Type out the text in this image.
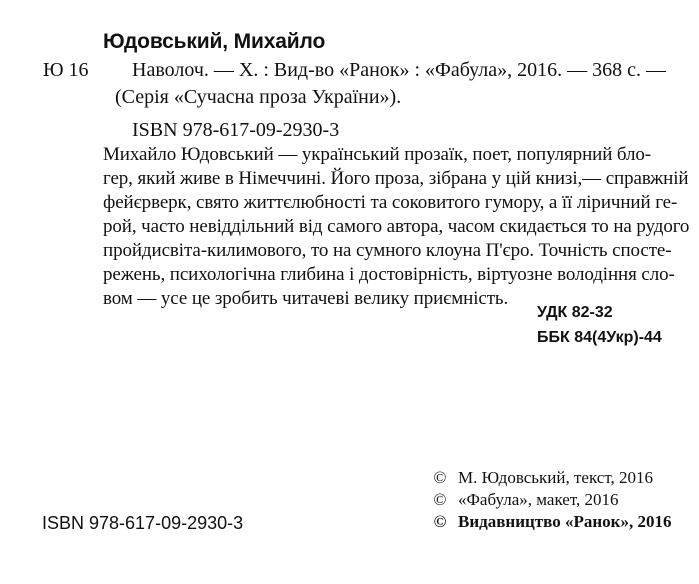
Юдовський, Михайло
Ю 16 Наволоч. — Х. : Вид-во «Ранок» : «Фабула», 2016. — 368 с. —
(Серія «Сучасна проза України»).
ISBN 978-617-09-2930-3
Михайло Юдовський — український прозаїк, поет, популярний бло-
гер, який живе в Німеччині. Його проза, зібрана у цій книзі,— справжній
фейєрверк, свято життєлюбності та соковитого гумору, а її ліричний ге-
рой, часто невіддільний від самого автора, часом скидається то на рудого
пройдисвіта-килимового, то на сумного клоуна П'єро. Точність спосте-
режень, психологічна глибина і достовірність, віртуозне володіння сло-
вом — усе це зробить читачеві велику приємність.
УДК 82-32
ББК 84(4Укр)-44
© М. Юдовський, текст, 2016
© «Фабула», макет, 2016
© Видавництво «Ранок», 2016
ISBN 978-617-09-2930-3
